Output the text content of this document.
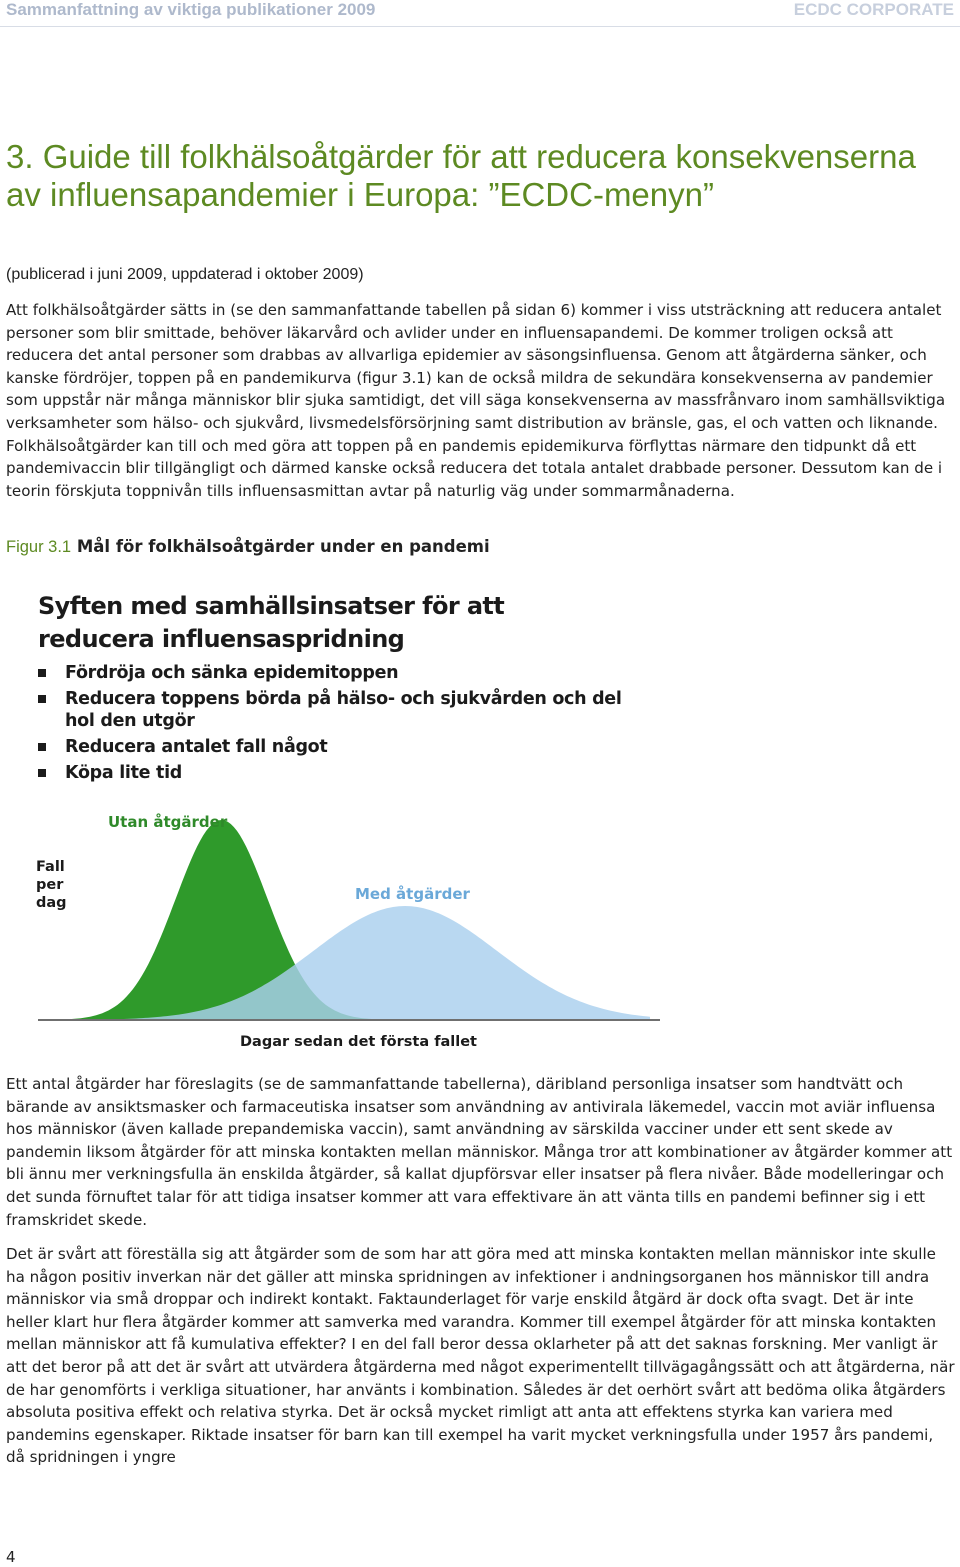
Sammanfattning av viktiga publikationer 2009	ECDC CORPORATE
3. Guide till folkhälsoåtgärder för att reducera konsekvenserna av influensapandemier i Europa: ”ECDC-menyn”
(publicerad i juni 2009, uppdaterad i oktober 2009)

Att folkhälsoåtgärder sätts in (se den sammanfattande tabellen på sidan 6) kommer i viss utsträckning att reducera antalet personer som blir smittade, behöver läkarvård och avlider under en influensapandemi. De kommer troligen också att reducera det antal personer som drabbas av allvarliga epidemier av säsongsinfluensa. Genom att åtgärderna sänker, och kanske fördröjer, toppen på en pandemikurva (figur 3.1) kan de också mildra de sekundära konsekvenserna av pandemier som uppstår när många människor blir sjuka samtidigt, det vill säga konsekvenserna av massfrånvaro inom samhällsviktiga verksamheter som hälso- och sjukvård, livsmedelsförsörjning samt distribution av bränsle, gas, el och vatten och liknande. Folkhälsoåtgärder kan till och med göra att toppen på en pandemis epidemikurva förflyttas närmare den tidpunkt då ett pandemivaccin blir tillgängligt och därmed kanske också reducera det totala antalet drabbade personer. Dessutom kan de i teorin förskjuta toppnivån tills influensasmittan avtar på naturlig väg under sommarmånaderna.

Figur 3.1 Mål för folkhälsoåtgärder under en pandemi
Syften med samhällsinsatser för att
reducera influensaspridning
Fördröja och sänka epidemitoppen
Reducera toppens börda på hälso- och sjukvården och del hol den utgör
Reducera antalet fall något
Köpa lite tid
Fall
per
dag
Utan åtgärder
Med åtgärder
Dagar sedan det första fallet

Ett antal åtgärder har föreslagits (se de sammanfattande tabellerna), däribland personliga insatser som handtvätt och bärande av ansiktsmasker och farmaceutiska insatser som användning av antivirala läkemedel, vaccin mot aviär influensa hos människor (även kallade prepandemiska vaccin), samt användning av särskilda vacciner under ett sent skede av pandemin liksom åtgärder för att minska kontakten mellan människor. Många tror att kombinationer av åtgärder kommer att bli ännu mer verkningsfulla än enskilda åtgärder, så kallat djupförsvar eller insatser på flera nivåer. Både modelleringar och det sunda förnuftet talar för att tidiga insatser kommer att vara effektivare än att vänta tills en pandemi befinner sig i ett framskridet skede.

Det är svårt att föreställa sig att åtgärder som de som har att göra med att minska kontakten mellan människor inte skulle ha någon positiv inverkan när det gäller att minska spridningen av infektioner i andningsorganen hos människor till andra människor via små droppar och indirekt kontakt. Faktaunderlaget för varje enskild åtgärd är dock ofta svagt. Det är inte heller klart hur flera åtgärder kommer att samverka med varandra. Kommer till exempel åtgärder för att minska kontakten mellan människor att få kumulativa effekter? I en del fall beror dessa oklarheter på att det saknas forskning. Mer vanligt är att det beror på att det är svårt att utvärdera åtgärderna med något experimentellt tillvägagångssätt och att åtgärderna, när de har genomförts i verkliga situationer, har använts i kombination. Således är det oerhört svårt att bedöma olika åtgärders absoluta positiva effekt och relativa styrka. Det är också mycket rimligt att anta att effektens styrka kan variera med pandemins egenskaper. Riktade insatser för barn kan till exempel ha varit mycket verkningsfulla under 1957 års pandemi, då spridningen i yngre

4
